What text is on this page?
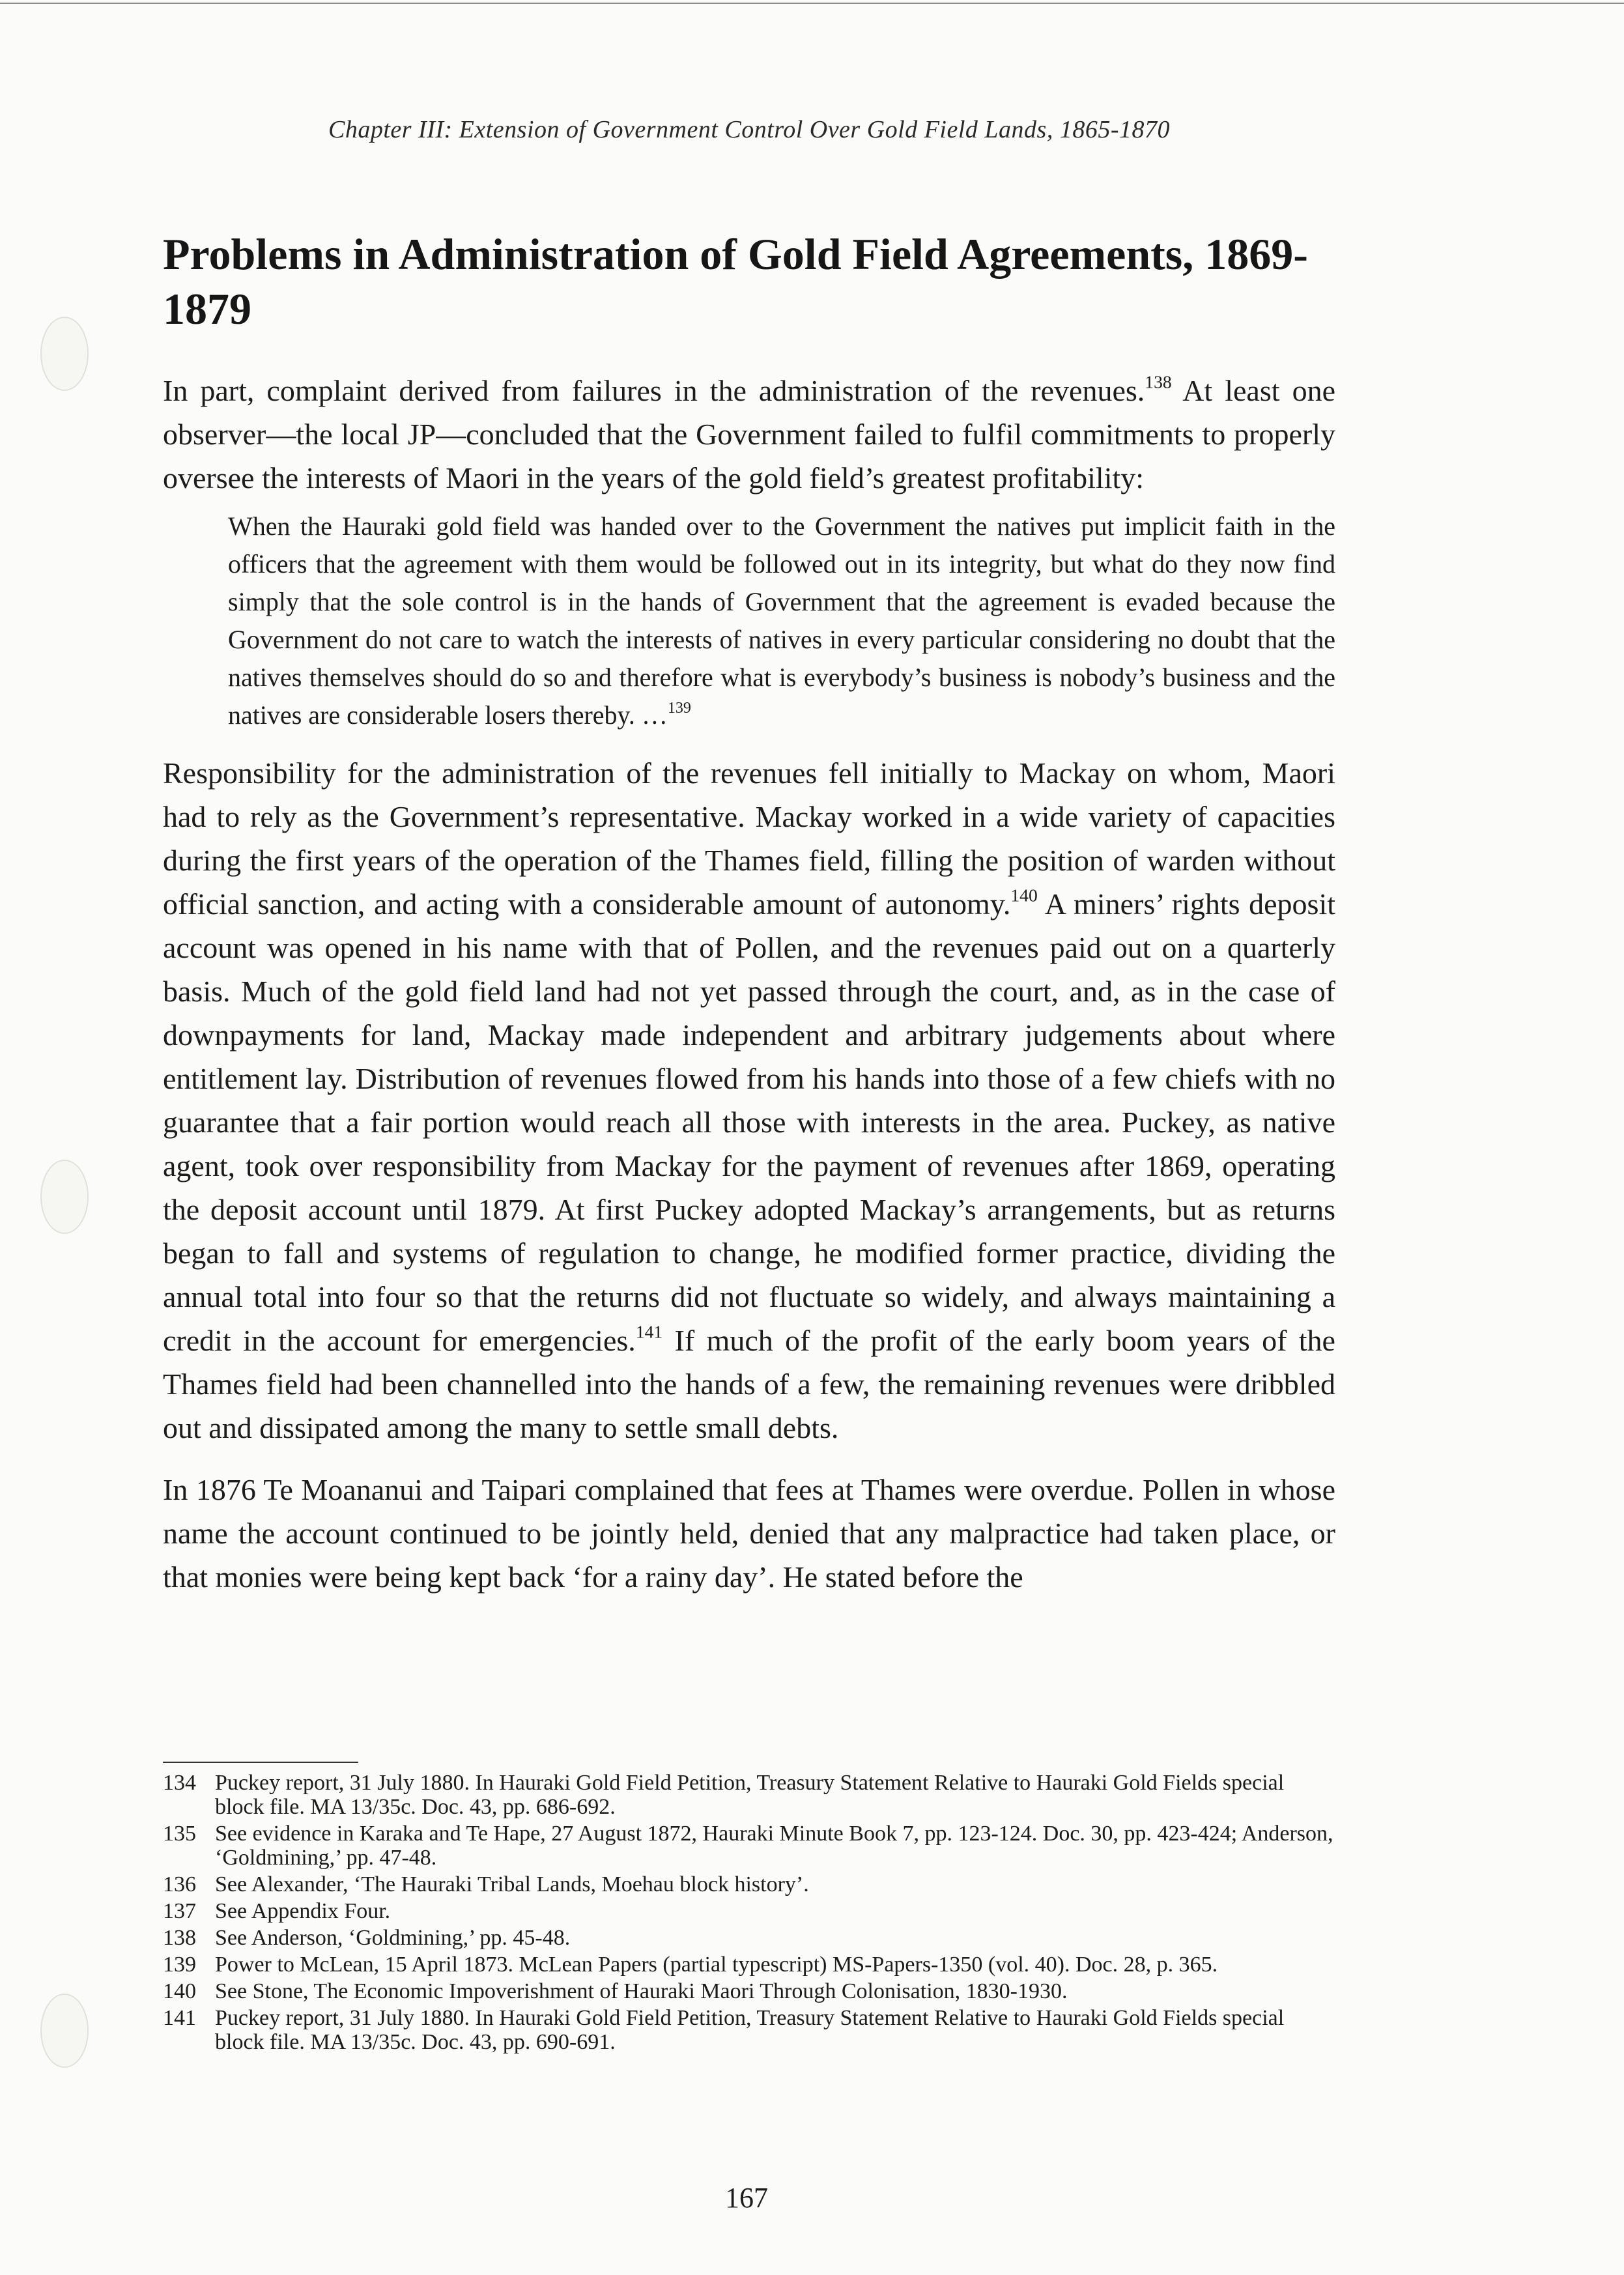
Chapter III: Extension of Government Control Over Gold Field Lands, 1865-1870
Problems in Administration of Gold Field Agreements, 1869-1879

In part, complaint derived from failures in the administration of the revenues.$^{138}$ At least one observer—the local JP—concluded that the Government failed to fulfil commitments to properly oversee the interests of Maori in the years of the gold field’s greatest profitability:

When the Hauraki gold field was handed over to the Government the natives put implicit faith in the officers that the agreement with them would be followed out in its integrity, but what do they now find simply that the sole control is in the hands of Government that the agreement is evaded because the Government do not care to watch the interests of natives in every particular considering no doubt that the natives themselves should do so and therefore what is everybody’s business is nobody’s business and the natives are considerable losers thereby. …$^{139}$

Responsibility for the administration of the revenues fell initially to Mackay on whom, Maori had to rely as the Government’s representative. Mackay worked in a wide variety of capacities during the first years of the operation of the Thames field, filling the position of warden without official sanction, and acting with a considerable amount of autonomy.$^{140}$ A miners’ rights deposit account was opened in his name with that of Pollen, and the revenues paid out on a quarterly basis. Much of the gold field land had not yet passed through the court, and, as in the case of downpayments for land, Mackay made independent and arbitrary judgements about where entitlement lay. Distribution of revenues flowed from his hands into those of a few chiefs with no guarantee that a fair portion would reach all those with interests in the area. Puckey, as native agent, took over responsibility from Mackay for the payment of revenues after 1869, operating the deposit account until 1879. At first Puckey adopted Mackay’s arrangements, but as returns began to fall and systems of regulation to change, he modified former practice, dividing the annual total into four so that the returns did not fluctuate so widely, and always maintaining a credit in the account for emergencies.$^{141}$ If much of the profit of the early boom years of the Thames field had been channelled into the hands of a few, the remaining revenues were dribbled out and dissipated among the many to settle small debts.

In 1876 Te Moananui and Taipari complained that fees at Thames were overdue. Pollen in whose name the account continued to be jointly held, denied that any malpractice had taken place, or that monies were being kept back ‘for a rainy day’. He stated before the

134 Puckey report, 31 July 1880. In Hauraki Gold Field Petition, Treasury Statement Relative to Hauraki Gold Fields special block file. MA 13/35c. Doc. 43, pp. 686-692.
135 See evidence in Karaka and Te Hape, 27 August 1872, Hauraki Minute Book 7, pp. 123-124. Doc. 30, pp. 423-424; Anderson, ‘Goldmining,’ pp. 47-48.
136 See Alexander, ‘The Hauraki Tribal Lands, Moehau block history’.
137 See Appendix Four.
138 See Anderson, ‘Goldmining,’ pp. 45-48.
139 Power to McLean, 15 April 1873. McLean Papers (partial typescript) MS-Papers-1350 (vol. 40). Doc. 28, p. 365.
140 See Stone, The Economic Impoverishment of Hauraki Maori Through Colonisation, 1830-1930.
141 Puckey report, 31 July 1880. In Hauraki Gold Field Petition, Treasury Statement Relative to Hauraki Gold Fields special block file. MA 13/35c. Doc. 43, pp. 690-691.
167
